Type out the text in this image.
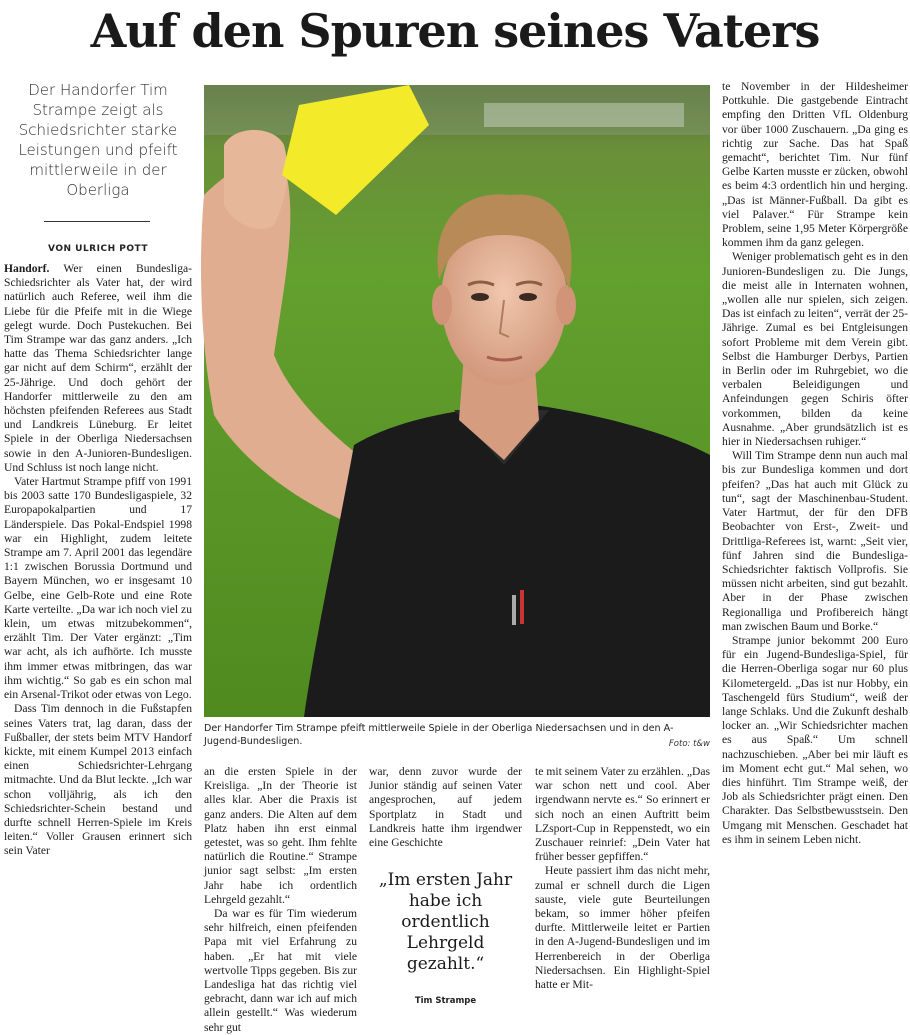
Auf den Spuren seines Vaters
Der Handorfer Tim Strampe zeigt als Schiedsrichter starke Leistungen und pfeift mittlerweile in der Oberliga
VON ULRICH POTT

Handorf. Wer einen Bundesliga-Schiedsrichter als Vater hat, der wird natürlich auch Referee, weil ihm die Liebe für die Pfeife mit in die Wiege gelegt wurde. Doch Pustekuchen. Bei Tim Strampe war das ganz anders. „Ich hatte das Thema Schiedsrichter lange gar nicht auf dem Schirm“, erzählt der 25-Jährige. Und doch gehört der Handorfer mittlerweile zu den am höchsten pfeifenden Referees aus Stadt und Landkreis Lüneburg. Er leitet Spiele in der Oberliga Niedersachsen sowie in den A-Junioren-Bundesligen. Und Schluss ist noch lange nicht.

Vater Hartmut Strampe pfiff von 1991 bis 2003 satte 170 Bundesligaspiele, 32 Europapokalpartien und 17 Länderspiele. Das Pokal-Endspiel 1998 war ein Highlight, zudem leitete Strampe am 7. April 2001 das legendäre 1:1 zwischen Borussia Dortmund und Bayern München, wo er insgesamt 10 Gelbe, eine Gelb-Rote und eine Rote Karte verteilte. „Da war ich noch viel zu klein, um etwas mitzubekommen“, erzählt Tim. Der Vater ergänzt: „Tim war acht, als ich aufhörte. Ich musste ihm immer etwas mitbringen, das war ihm wichtig.“ So gab es ein schon mal ein Arsenal-Trikot oder etwas von Lego.

Dass Tim dennoch in die Fußstapfen seines Vaters trat, lag daran, dass der Fußballer, der stets beim MTV Handorf kickte, mit einem Kumpel 2013 einfach einen Schiedsrichter-Lehrgang mitmachte. Und da Blut leckte. „Ich war schon volljährig, als ich den Schiedsrichter-Schein bestand und durfte schnell Herren-Spiele im Kreis leiten.“ Voller Grausen erinnert sich sein Vater

Der Handorfer Tim Strampe pfeift mittlerweile Spiele in der Oberliga Niedersachsen und in den A-Jugend-Bundesligen.	Foto: t&w

an die ersten Spiele in der Kreisliga. „In der Theorie ist alles klar. Aber die Praxis ist ganz anders. Die Alten auf dem Platz haben ihn erst einmal getestet, was so geht. Ihm fehlte natürlich die Routine.“ Strampe junior sagt selbst: „Im ersten Jahr habe ich ordentlich Lehrgeld gezahlt.“

Da war es für Tim wiederum sehr hilfreich, einen pfeifenden Papa mit viel Erfahrung zu haben. „Er hat mit viele wertvolle Tipps gegeben. Bis zur Landesliga hat das richtig viel gebracht, dann war ich auf mich allein gestellt.“ Was wiederum sehr gut

war, denn zuvor wurde der Junior ständig auf seinen Vater angesprochen, auf jedem Sportplatz in Stadt und Landkreis hatte ihm irgendwer eine Geschichte

„Im ersten Jahr habe ich ordentlich Lehrgeld gezahlt.“
Tim Strampe

te mit seinem Vater zu erzählen. „Das war schon nett und cool. Aber irgendwann nervte es.“ So erinnert er sich noch an einen Auftritt beim LZsport-Cup in Reppenstedt, wo ein Zuschauer reinrief: „Dein Vater hat früher besser gepfiffen.“

Heute passiert ihm das nicht mehr, zumal er schnell durch die Ligen sauste, viele gute Beurteilungen bekam, so immer höher pfeifen durfte. Mittlerweile leitet er Partien in den A-Jugend-Bundesligen und im Herrenbereich in der Oberliga Niedersachsen. Ein Highlight-Spiel hatte er Mit-

te November in der Hildesheimer Pottkuhle. Die gastgebende Eintracht empfing den Dritten VfL Oldenburg vor über 1000 Zuschauern. „Da ging es richtig zur Sache. Das hat Spaß gemacht“, berichtet Tim. Nur fünf Gelbe Karten musste er zücken, obwohl es beim 4:3 ordentlich hin und herging. „Das ist Männer-Fußball. Da gibt es viel Palaver.“ Für Strampe kein Problem, seine 1,95 Meter Körpergröße kommen ihm da ganz gelegen.

Weniger problematisch geht es in den Junioren-Bundesligen zu. Die Jungs, die meist alle in Internaten wohnen, „wollen alle nur spielen, sich zeigen. Das ist einfach zu leiten“, verrät der 25-Jährige. Zumal es bei Entgleisungen sofort Probleme mit dem Verein gibt. Selbst die Hamburger Derbys, Partien in Berlin oder im Ruhrgebiet, wo die verbalen Beleidigungen und Anfeindungen gegen Schiris öfter vorkommen, bilden da keine Ausnahme. „Aber grundsätzlich ist es hier in Niedersachsen ruhiger.“

Will Tim Strampe denn nun auch mal bis zur Bundesliga kommen und dort pfeifen? „Das hat auch mit Glück zu tun“, sagt der Maschinenbau-Student. Vater Hartmut, der für den DFB Beobachter von Erst-, Zweit- und Drittliga-Referees ist, warnt: „Seit vier, fünf Jahren sind die Bundesliga-Schiedsrichter faktisch Vollprofis. Sie müssen nicht arbeiten, sind gut bezahlt. Aber in der Phase zwischen Regionalliga und Profibereich hängt man zwischen Baum und Borke.“

Strampe junior bekommt 200 Euro für ein Jugend-Bundesliga-Spiel, für die Herren-Oberliga sogar nur 60 plus Kilometergeld. „Das ist nur Hobby, ein Taschengeld fürs Studium“, weiß der lange Schlaks. Und die Zukunft deshalb locker an. „Wir Schiedsrichter machen es aus Spaß.“ Um schnell nachzuschieben. „Aber bei mir läuft es im Moment echt gut.“ Mal sehen, wo dies hinführt. Tim Strampe weiß, der Job als Schiedsrichter prägt einen. Den Charakter. Das Selbstbewusstsein. Den Umgang mit Menschen. Geschadet hat es ihm in seinem Leben nicht.
